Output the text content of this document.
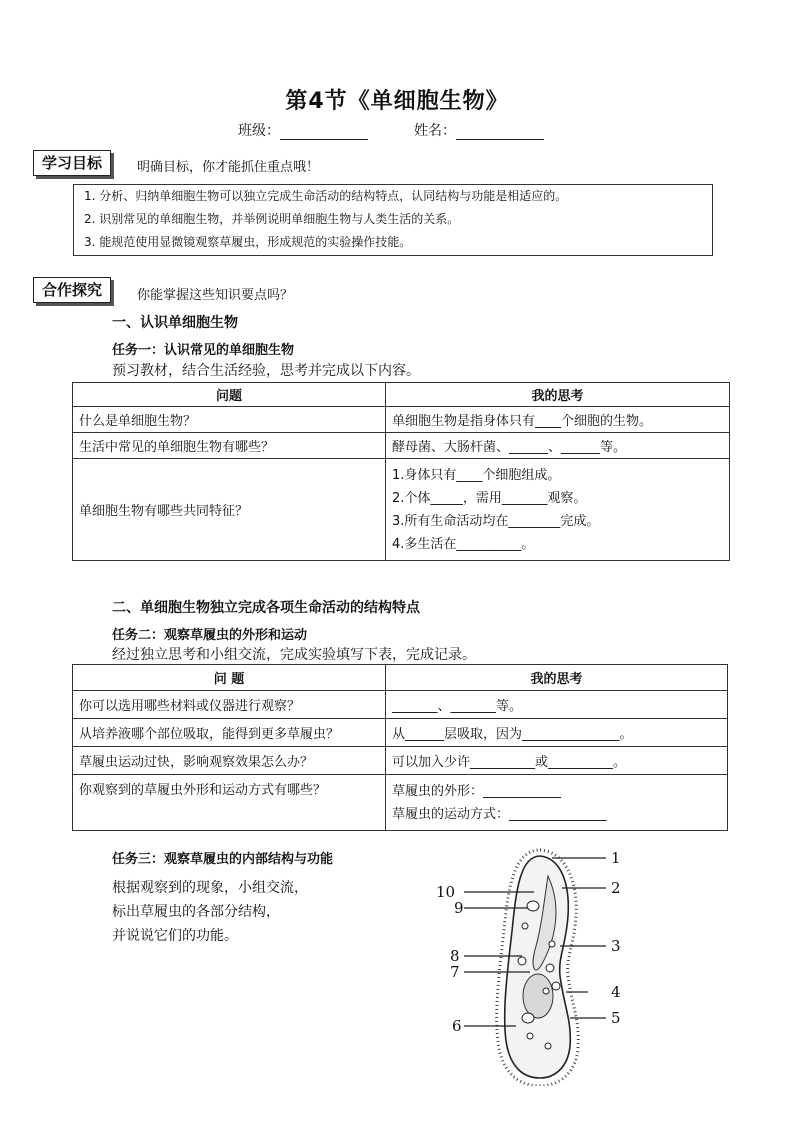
第4节《单细胞生物》
班级：	姓名：
学习目标	明确目标，你才能抓住重点哦！
1. 分析、归纳单细胞生物可以独立完成生命活动的结构特点，认同结构与功能是相适应的。
2. 识别常见的单细胞生物，并举例说明单细胞生物与人类生活的关系。
3. 能规范使用显微镜观察草履虫，形成规范的实验操作技能。
合作探究	你能掌握这些知识要点吗？
一、认识单细胞生物
任务一：认识常见的单细胞生物
预习教材，结合生活经验，思考并完成以下内容。
问题	我的思考
什么是单细胞生物？	单细胞生物是指身体只有____个细胞的生物。
生活中常见的单细胞生物有哪些？	酵母菌、大肠杆菌、______、______等。
单细胞生物有哪些共同特征？	1.身体只有____个细胞组成。
2.个体_____，需用_______观察。
3.所有生命活动均在________完成。
4.多生活在__________。
二、单细胞生物独立完成各项生命活动的结构特点
任务二：观察草履虫的外形和运动
经过独立思考和小组交流，完成实验填写下表，完成记录。
问 题	我的思考
你可以选用哪些材料或仪器进行观察？	_______、_______等。
从培养液哪个部位吸取，能得到更多草履虫？	从______层吸取，因为_______________。
草履虫运动过快，影响观察效果怎么办？	可以加入少许__________或__________。
你观察到的草履虫外形和运动方式有哪些？	草履虫的外形：____________
草履虫的运动方式：_______________
任务三：观察草履虫的内部结构与功能
根据观察到的现象，小组交流，
标出草履虫的各部分结构，
并说说它们的功能。
1
2
3
4
5
6
7
8
9
10
